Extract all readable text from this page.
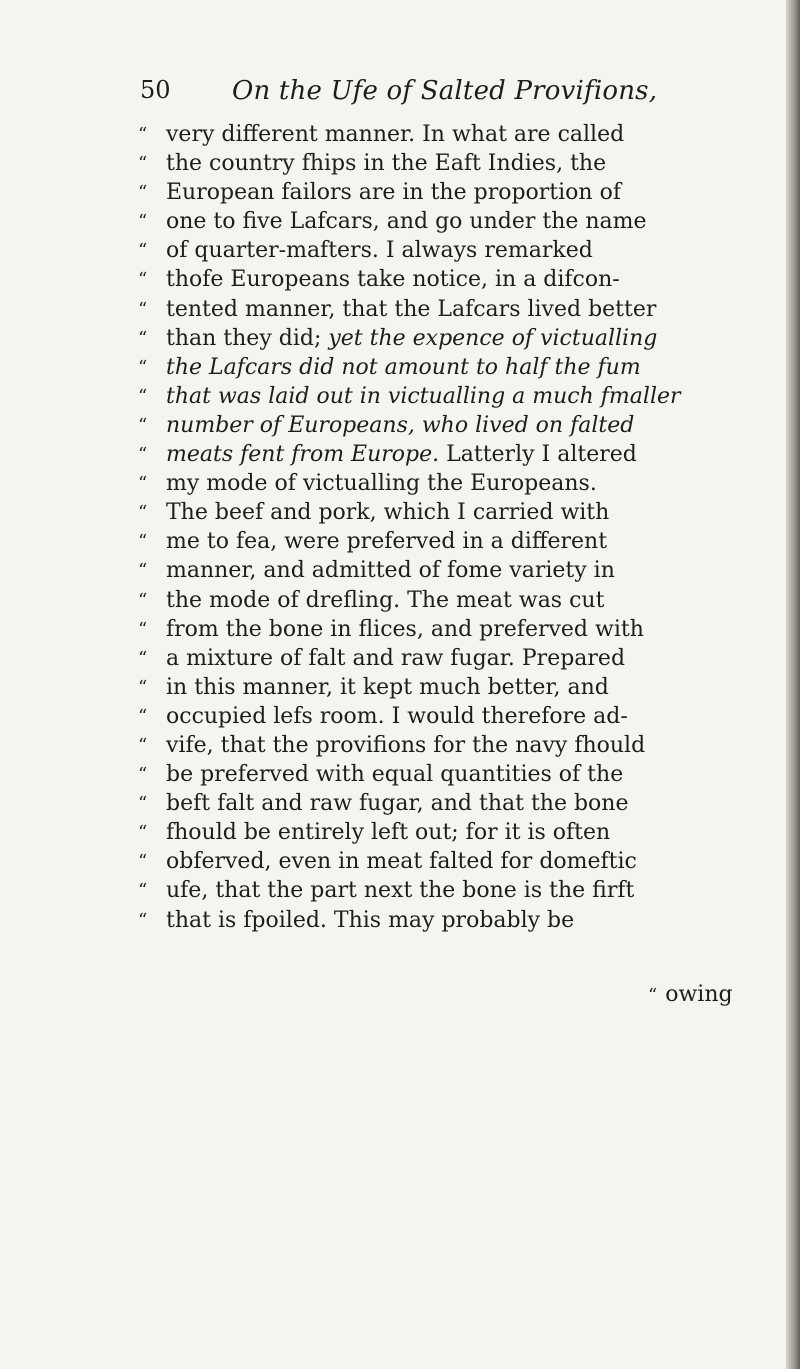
50 On the Ufe of Salted Provifions,
“ very different manner. In what are called
“ the country fhips in the Eaft Indies, the
“ European failors are in the proportion of
“ one to five Lafcars, and go under the name
“ of quarter-mafters. I always remarked
“ thofe Europeans take notice, in a difcon-
“ tented manner, that the Lafcars lived better
“ than they did; yet the expence of victualling
“ the Lafcars did not amount to half the fum
“ that was laid out in victualling a much fmaller
“ number of Europeans, who lived on falted
“ meats fent from Europe. Latterly I altered
“ my mode of victualling the Europeans.
“ The beef and pork, which I carried with
“ me to fea, were preferved in a different
“ manner, and admitted of fome variety in
“ the mode of drefling. The meat was cut
“ from the bone in flices, and preferved with
“ a mixture of falt and raw fugar. Prepared
“ in this manner, it kept much better, and
“ occupied lefs room. I would therefore ad-
“ vife, that the provifions for the navy fhould
“ be preferved with equal quantities of the
“ beft falt and raw fugar, and that the bone
“ fhould be entirely left out; for it is often
“ obferved, even in meat falted for domeftic
“ ufe, that the part next the bone is the firft
“ that is fpoiled. This may probably be
“ owing
